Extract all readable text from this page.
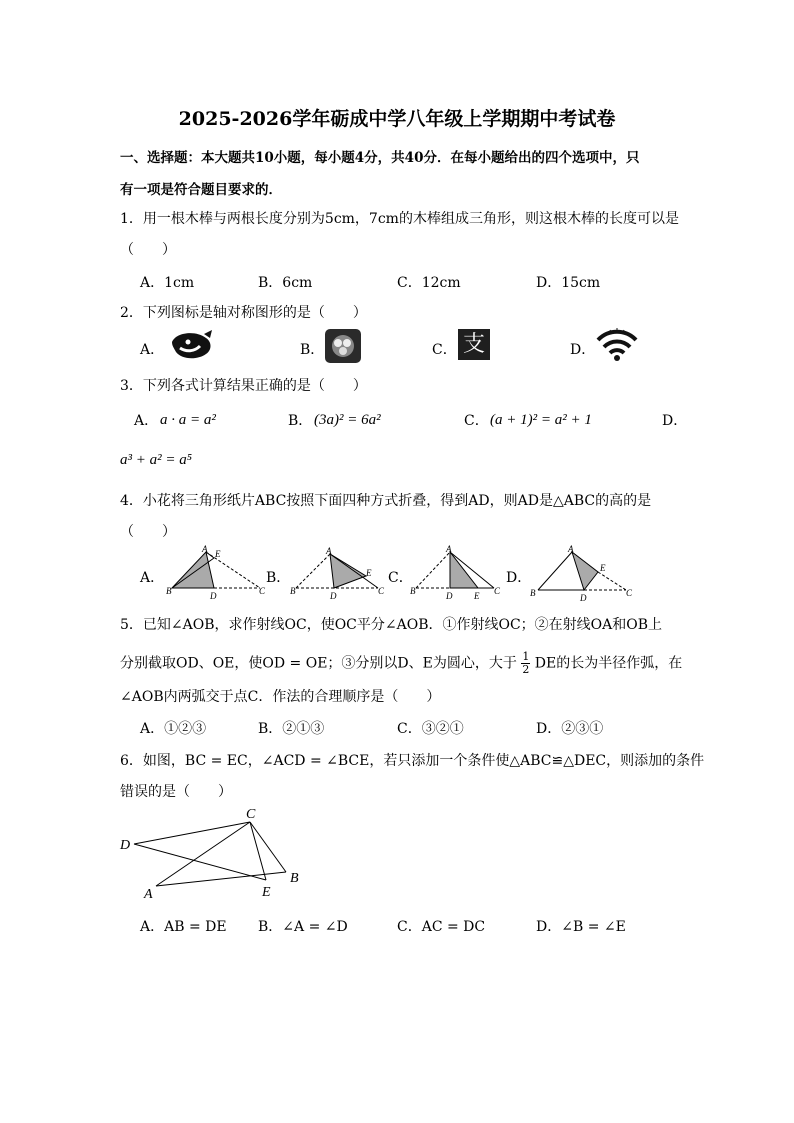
2025-2026学年砺成中学八年级上学期期中考试卷
一、选择题：本大题共10小题，每小题4分，共40分．在每小题给出的四个选项中，只
有一项是符合题目要求的．
1．用一根木棒与两根长度分别为5cm，7cm的木棒组成三角形，则这根木棒的长度可以是
（　　）
A．1cm	B．6cm	C．12cm	D．15cm
2．下列图标是轴对称图形的是（　　）
A．	B．	C． 支	D．
3．下列各式计算结果正确的是（　　）
A． a · a = a²	B． (3a)² = 6a²	C． (a + 1)² = a² + 1	D．
a³ + a² = a⁵
4．小花将三角形纸片ABC按照下面四种方式折叠，得到AD，则AD是△ABC的高的是
（　　）
A．
A E
B	D	C
B．
A
E
B	D	C
C．
A
B	D E C
D．
A
E
B	D	C
5．已知∠AOB，求作射线OC，使OC平分∠AOB．①作射线OC；②在射线OA和OB上
分别截取OD、OE，使OD = OE；③分别以D、E为圆心，大于 $\frac{1}{2}$ DE的长为半径作弧，在
∠AOB内两弧交于点C．作法的合理顺序是（　　）
A．①②③	B．②①③	C．③②①	D．②③①
6．如图，BC = EC，∠ACD = ∠BCE，若只添加一个条件使△ABC≌△DEC，则添加的条件
错误的是（　　）
C
D
A	E
B
A．AB = DE B．∠A = ∠D	C．AC = DC	D．∠B = ∠E
